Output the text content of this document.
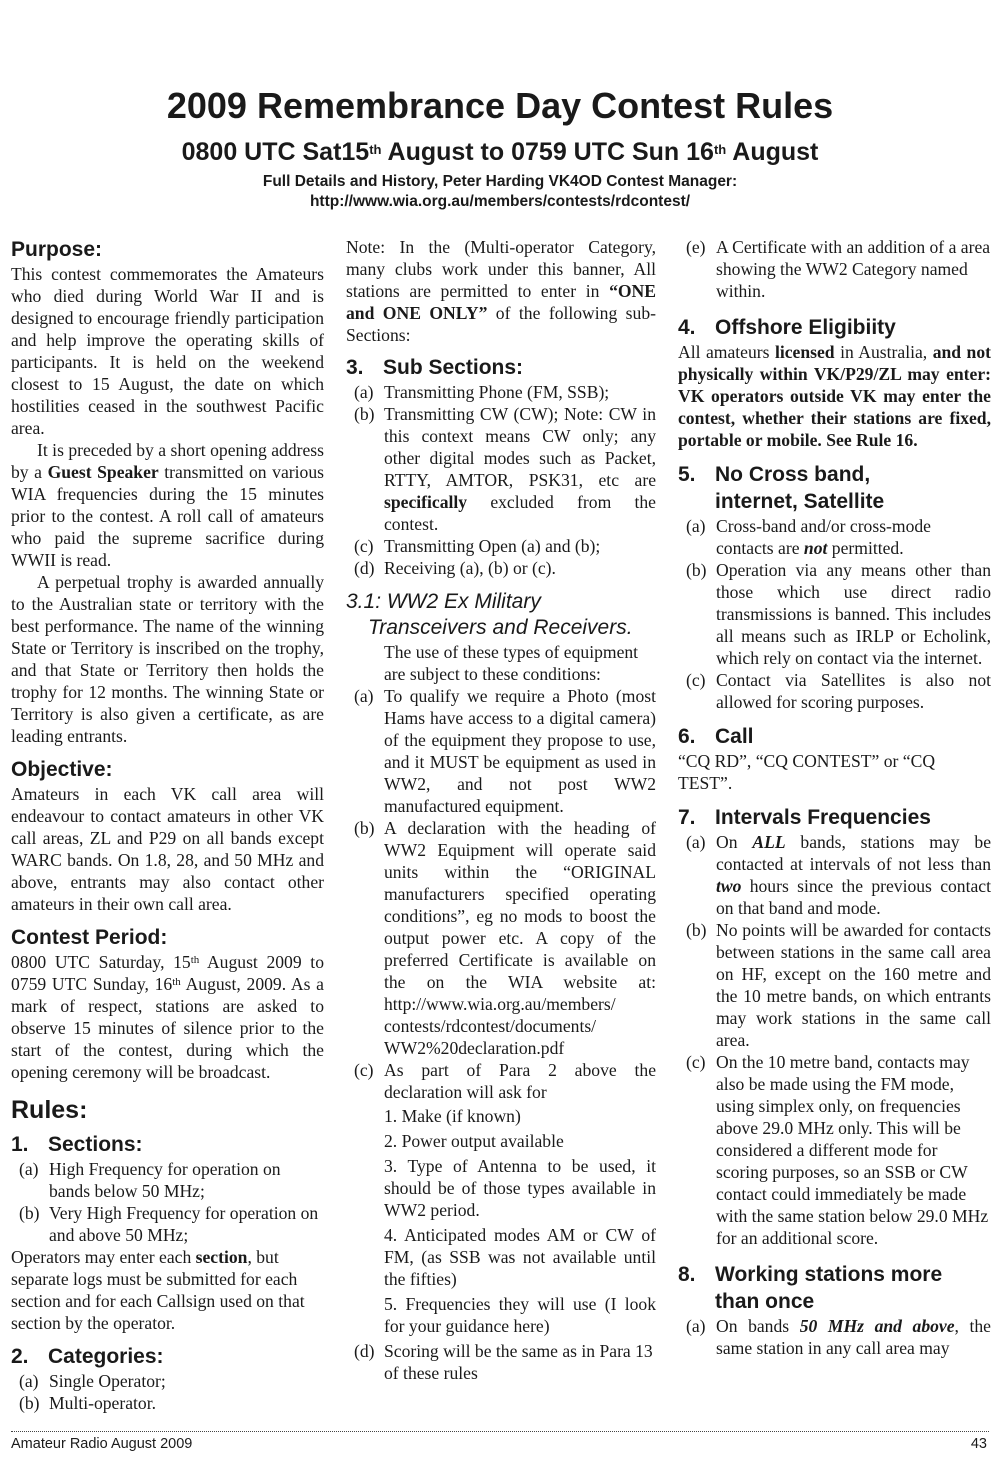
2009 Remembrance Day Contest Rules
0800 UTC Sat15th August to 0759 UTC Sun 16th August
Full Details and History, Peter Harding VK4OD Contest Manager:
http://www.wia.org.au/members/contests/rdcontest/
Purpose:

This contest commemorates the Amateurs who died during World War II and is designed to encourage friendly participation and help improve the operating skills of participants. It is held on the weekend closest to 15 August, the date on which hostilities ceased in the southwest Pacific area.

It is preceded by a short opening address by a Guest Speaker transmitted on various WIA frequencies during the 15 minutes prior to the contest. A roll call of amateurs who paid the supreme sacrifice during WWII is read.

A perpetual trophy is awarded annually to the Australian state or territory with the best performance. The name of the winning State or Territory is inscribed on the trophy, and that State or Territory then holds the trophy for 12 months. The winning State or Territory is also given a certificate, as are leading entrants.

Objective:

Amateurs in each VK call area will endeavour to contact amateurs in other VK call areas, ZL and P29 on all bands except WARC bands. On 1.8, 28, and 50 MHz and above, entrants may also contact other amateurs in their own call area.

Contest Period:

0800 UTC Saturday, 15th August 2009 to 0759 UTC Sunday, 16th August, 2009. As a mark of respect, stations are asked to observe 15 minutes of silence prior to the start of the contest, during which the opening ceremony will be broadcast.

Rules:
1. Sections:
(a) High Frequency for operation on bands below 50 MHz;
(b) Very High Frequency for operation on and above 50 MHz;

Operators may enter each section, but separate logs must be submitted for each section and for each Callsign used on that section by the operator.

2. Categories:
(a) Single Operator;
(b) Multi-operator.

Note: In the (Multi-operator Category, many clubs work under this banner, All stations are permitted to enter in “ONE and ONE ONLY” of the following sub-Sections:

3. Sub Sections:
(a) Transmitting Phone (FM, SSB);
(b) Transmitting CW (CW); Note: CW in this context means CW only; any other digital modes such as Packet, RTTY, AMTOR, PSK31, etc are specifically excluded from the contest.
(c) Transmitting Open (a) and (b);
(d) Receiving (a), (b) or (c).
3.1: WW2 Ex Military
Transceivers and Receivers.

The use of these types of equipment are subject to these conditions:

(a) To qualify we require a Photo (most Hams have access to a digital camera) of the equipment they propose to use, and it MUST be equipment as used in WW2, and not post WW2 manufactured equipment.
(b) A declaration with the heading of WW2 Equipment will operate said units within the “ORIGINAL manufacturers specified operating conditions”, eg no mods to boost the output power etc. A copy of the preferred Certificate is available on the on the WIA website at: http://www.wia.org.au/members/ contests/rdcontest/documents/ WW2%20declaration.pdf
(c) As part of Para 2 above the declaration will ask for

1. Make (if known)

2. Power output available

3. Type of Antenna to be used, it should be of those types available in WW2 period.

4. Anticipated modes AM or CW of FM, (as SSB was not available until the fifties)

5. Frequencies they will use (I look for your guidance here)

(d) Scoring will be the same as in Para 13 of these rules
(e) A Certificate with an addition of a area showing the WW2 Category named within.
4. Offshore Eligibiity

All amateurs licensed in Australia, and not physically within VK/P29/ZL may enter: VK operators outside VK may enter the contest, whether their stations are fixed, portable or mobile. See Rule 16.

5. No Cross band,
internet, Satellite
(a) Cross-band and/or cross-mode contacts are not permitted.
(b) Operation via any means other than those which use direct radio transmissions is banned. This includes all means such as IRLP or Echolink, which rely on contact via the internet.
(c) Contact via Satellites is also not allowed for scoring purposes.
6. Call

“CQ RD”, “CQ CONTEST” or “CQ TEST”.

7. Intervals Frequencies
(a) On ALL bands, stations may be contacted at intervals of not less than two hours since the previous contact on that band and mode.
(b) No points will be awarded for contacts between stations in the same call area on HF, except on the 160 metre and the 10 metre bands, on which entrants may work stations in the same call area.
(c) On the 10 metre band, contacts may also be made using the FM mode, using simplex only, on frequencies above 29.0 MHz only. This will be considered a different mode for scoring purposes, so an SSB or CW contact could immediately be made with the same station below 29.0 MHz for an additional score.
8. Working stations more
than once
(a) On bands 50 MHz and above, the same station in any call area may
Amateur Radio August 2009	43
